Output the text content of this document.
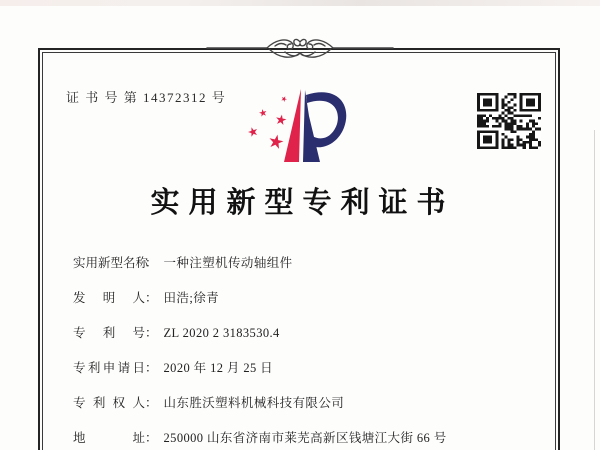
证 书 号 第 14372312 号
实用新型专利证书
实用新型名称： 一种注塑机传动轴组件
发明人： 田浩;徐青
专利号： ZL 2020 2 3183530.4
专利申请日： 2020 年 12 月 25 日
专利权人： 山东胜沃塑料机械科技有限公司
地址： 250000 山东省济南市莱芜高新区钱塘江大街 66 号
